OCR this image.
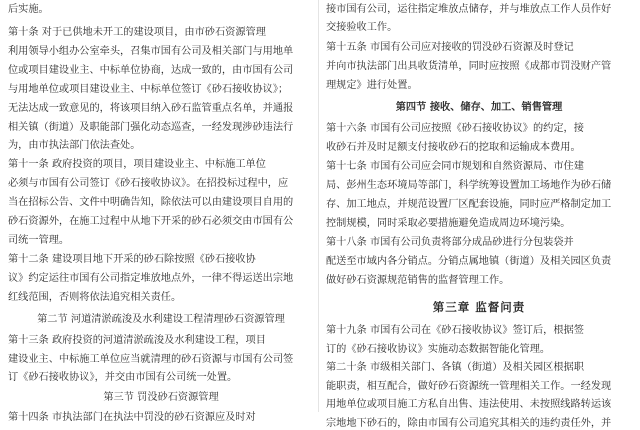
后实施。
第十条 对于已供地未开工的建设项目，由市砂石资源管理
利用领导小组办公室牵头，召集市国有公司及相关部门与用地单
位或项目建设业主、中标单位协商，达成一致的，由市国有公司
与用地单位或项目建设业主、中标单位签订《砂石接收协议》；
无法达成一致意见的，将该项目纳入砂石监管重点名单，并通报
相关镇（街道）及职能部门强化动态巡查，一经发现涉砂违法行
为，由市执法部门依法查处。
第十一条 政府投资的项目，项目建设业主、中标施工单位
必须与市国有公司签订《砂石接收协议》。在招投标过程中，应
当在招标公告、文件中明确告知，除依法可以由建设项目自用的
砂石资源外，在施工过程中从地下开采的砂石必须交由市国有公
司统一管理。
第十二条 建设项目地下开采的砂石除按照《砂石接收协
议》约定运往市国有公司指定堆放地点外，一律不得运送出宗地
红线范围，否则将依法追究相关责任。
第二节 河道清淤疏浚及水利建设工程清理砂石资源管理
第十三条 政府投资的河道清淤疏浚及水利建设工程，项目
建设业主、中标施工单位应当就清理的砂石资源与市国有公司签
订《砂石接收协议》，并交由市国有公司统一处置。
第三节 罚没砂石资源管理
第十四条 市执法部门在执法中罚没的砂石资源应及时对
接市国有公司，运往指定堆放点储存，并与堆放点工作人员作好
交接验收工作。
第十五条 市国有公司应对接收的罚没砂石资源及时登记
并向市执法部门出具收货清单，同时应按照《成都市罚没财产管
理规定》进行处置。
第四节 接收、储存、加工、销售管理
第十六条 市国有公司应按照《砂石接收协议》的约定，接
收砂石并及时足额支付接收砂石的挖取和运输成本费用。
第十七条 市国有公司应会同市规划和自然资源局、市住建
局、彭州生态环境局等部门，科学统筹设置加工场地作为砂石储
存、加工地点，并规范设置厂区配套设施，同时应严格制定加工
控制规模，同时采取必要措施避免造成周边环境污染。
第十八条 市国有公司负责将部分成品砂进行分包装袋并
配送至市域内各分销点。分销点属地镇（街道）及相关园区负责
做好砂石资源规范销售的监督管理工作。
第三章 监督问责
第十九条 市国有公司在《砂石接收协议》签订后，根据签
订的《砂石接收协议》实施动态数据智能化管理。
第二十条 市级相关部门、各镇（街道）及相关园区根据职
能职责，相互配合，做好砂石资源统一管理相关工作。一经发现
用地单位或项目施工方私自出售、违法使用、未按照线路转运该
宗地地下砂石的，除由市国有公司追究其相关的违约责任外，并
